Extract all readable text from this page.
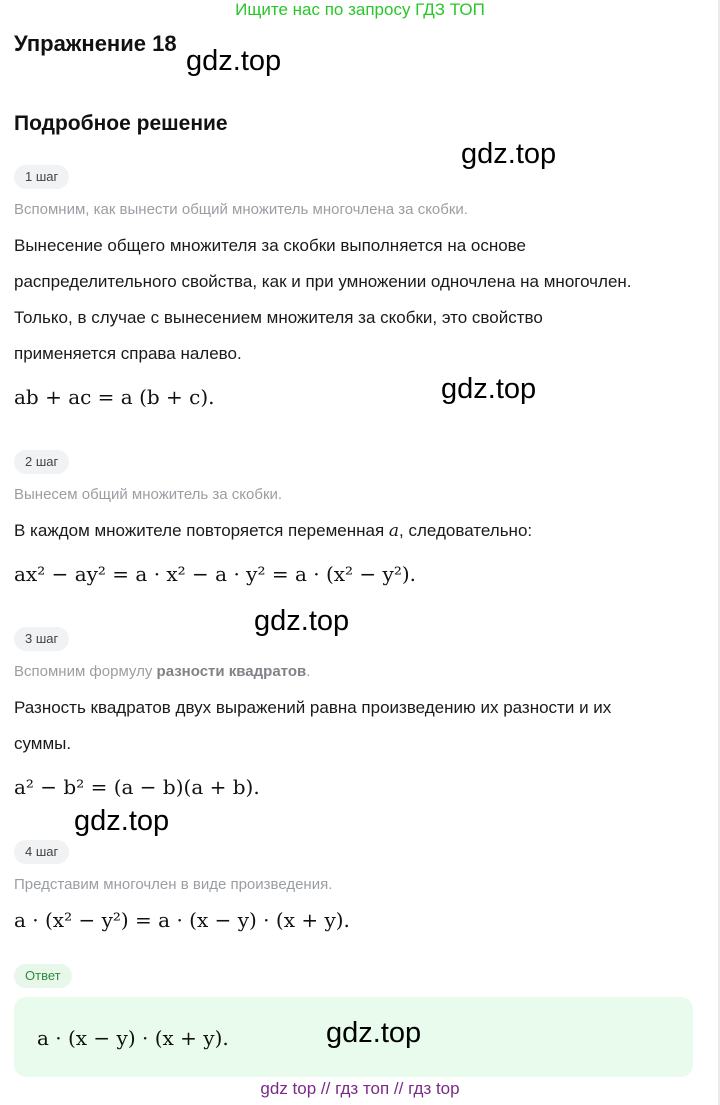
Ищите нас по запросу ГДЗ ТОП
Упражнение 18
gdz.top
Подробное решение
gdz.top
1 шаг
Вспомним, как вынести общий множитель многочлена за скобки.
Вынесение общего множителя за скобки выполняется на основе
распределительного свойства, как и при умножении одночлена на многочлен.
Только, в случае с вынесением множителя за скобки, это свойство
применяется справа налево.
ab + ac = a (b + c).	gdz.top
2 шаг
Вынесем общий множитель за скобки.
В каждом множителе повторяется переменная a, следовательно:
ax² − ay² = a · x² − a · y² = a · (x² − y²).
gdz.top
3 шаг
Вспомним формулу разности квадратов.
Разность квадратов двух выражений равна произведению их разности и их
суммы.
a² − b² = (a − b)(a + b).
gdz.top
4 шаг
Представим многочлен в виде произведения.
a · (x² − y²) = a · (x − y) · (x + y).
Ответ
a · (x − y) · (x + y).	gdz.top
gdz top // гдз топ // гдз top
